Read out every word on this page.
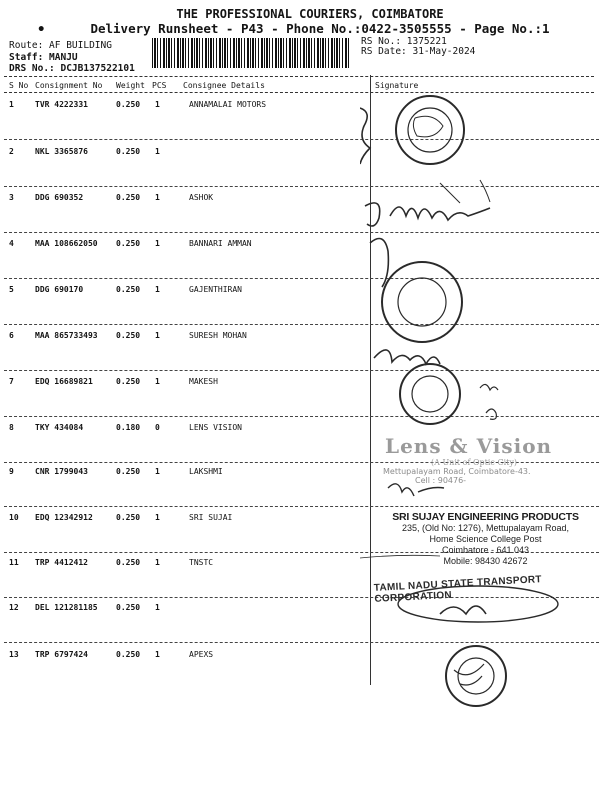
THE PROFESSIONAL COURIERS, COIMBATORE
•	Delivery Runsheet - P43 - Phone No.:0422-3505555 - Page No.:1
Route: AF BUILDING
Staff: MANJU
DRS No.: DCJB137522101
RS No.: 1375221
RS Date: 31-May-2024
S No Consignment No Weight PCS Consignee Details	Signature
1	TVR 4222331	0.250 1	ANNAMALAI MOTORS
2	NKL 3365876	0.250 1
3	DDG 690352	0.250 1	ASHOK
4	MAA 108662050 0.250 1	BANNARI AMMAN
5	DDG 690170	0.250 1	GAJENTHIRAN
6	MAA 865733493 0.250 1	SURESH MOHAN
7	EDQ 16689821	0.250 1	MAKESH
8	TKY 434084	0.180 0	LENS VISION
9	CNR 1799043	0.250 1	LAKSHMI
10 EDQ 12342912	0.250 1	SRI SUJAI
11 TRP 4412412	0.250 1	TNSTC
12 DEL 121281185 0.250 1
13 TRP 6797424	0.250 1	APEXS
Lens & Vision
(A Unit of Optic City)
Mettupalayam Road, Coimbatore-43.
Cell : 90476-
SRI SUJAY ENGINEERING PRODUCTS
235, (Old No: 1276), Mettupalayam Road,
Home Science College Post
Coimbatore - 641 043
Mobile: 98430 42672
TAMIL NADU STATE TRANSPORT CORPORATION
